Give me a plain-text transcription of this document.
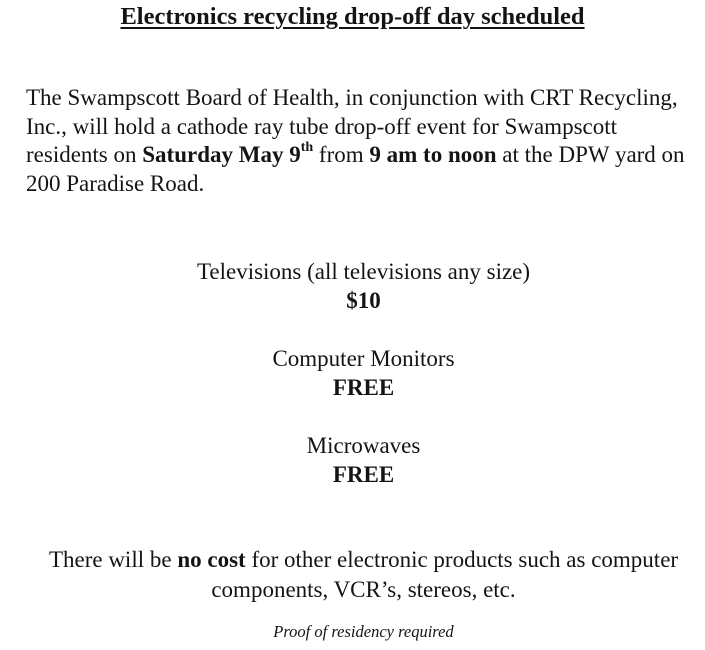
Electronics recycling drop-off day scheduled

The Swampscott Board of Health, in conjunction with CRT Recycling, Inc., will hold a cathode ray tube drop-off event for Swampscott residents on Saturday May 9th from 9 am to noon at the DPW yard on 200 Paradise Road.

Televisions (all televisions any size)
$10
Computer Monitors
FREE
Microwaves
FREE

There will be no cost for other electronic products such as computer components, VCR’s, stereos, etc.

Proof of residency required
